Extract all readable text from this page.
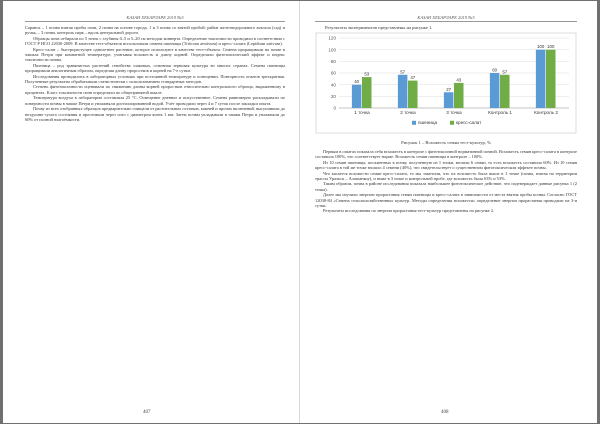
КАЗАН ХЕБАРЛАРЕ 2019 №5

Саранск – 1 почва взятая пробы почв, 2 почва на основе города, 1 и 3 почва со взятой пробой: район железнодорожного вокзала (сад) и ручья, – 3 почва, контроль парк – вдоль центральной дороги.

Образцы почв отбирали по 5 точек с глубины 0–5 и 5–20 см методом конверта. Определение токсичности проводили в соответствии с ГОСТ Р ИСО 22030-2009. В качестве тест-объектов использовали семена пшеницы (Triticum aestivum) и кресс-салата (Lepidium sativum).

Кресс-салат – быстрорастущее однолетнее растение, которое используют в качестве тест-объекта. Семена проращивали на почве в чашках Петри при комнатной температуре, учитывая всхожесть и длину корней. Определяли фитотоксический эффект и индекс токсичности почвы.

Пшеница – род травянистых растений семейства злаковых, основная зерновая культура во многих странах. Семена пшеницы проращивали аналогичным образом, определяя длину проростков и корней на 7-е сутки.

Исследования проводились в лабораторных условиях при постоянной температуре и освещении. Повторность опытов трехкратная. Полученные результаты обрабатывали статистически с использованием стандартных методов.

Степень фитотоксичности оценивали по снижению длины корней проростков относительно контрольного образца, выраженному в процентах. Класс токсичности почв определяли по общепринятой шкале.

Температура воздуха в лаборатории составляла 25 °С. Освещение дневное и искусственное. Семена равномерно раскладывали по поверхности почвы в чашке Петри и увлажняли дистиллированной водой. Учёт проводили через 4 и 7 суток после закладки опыта.

Почву из всех отобранных образцов предварительно очищали от растительных остатков, камней и прочих включений, высушивали до воздушно-сухого состояния и просеивали через сито с диаметром ячеек 1 мм. Затем почвы укладывали в чашки Петри и увлажняли до 60% от полной влагоёмкости.

407
КАЗАН ХЕБАРЛАРЕ 2019 №5
Результаты экспериментов представлены на рисунке 1.
0
20
40
60
80
100
120
40
53
1 точка
57
47
2 точка
27
43
3 точка
60 57
Контроль 1
100 100
Контроль 2
пшеница	кресс-салат
Рисунок 1 – Всхожесть семян тест-культур, %

Первым в опытах показала себя всхожесть в контроле с фитотоксичной нормативной почвой. Всхожесть семян кресс-салата в контроле составила 100%, что соответствует норме. Всхожесть семян пшеницы в контроле – 100%.

Из 10 семян пшеницы, посаженных в почву, полученную из 1 точки, взошли 6 семян, то есть всхожесть составила 60%. Из 10 семян кресс-салата в той же точке взошло 4 семени (40%), что свидетельствует о существенном фитотоксическом эффекте почвы.

Что касается всхожести семян кресс-салата, то мы заметили, что их всхожесть была выше в 1 точке (почва, взятая на территории трассы Уральск – Алашанкоу), и ниже в 3 точке и контрольной пробе, где всхожесть была 63% и 53%.

Таким образом, почва в районе исследования показала наибольшее фитотоксическое действие, что подтверждает данные рисунка 1 (2 точка).

Далее мы изучили энергию прорастания семян пшеницы и кресс-салата в зависимости от места взятия пробы почвы. Согласно ГОСТ 12038-84 «Семена сельскохозяйственных культур. Методы определения всхожести» определение энергии прорастания проводили на 3-и сутки.

Результаты исследования по энергии прорастания тест-культур представлены на рисунке 2.

408
